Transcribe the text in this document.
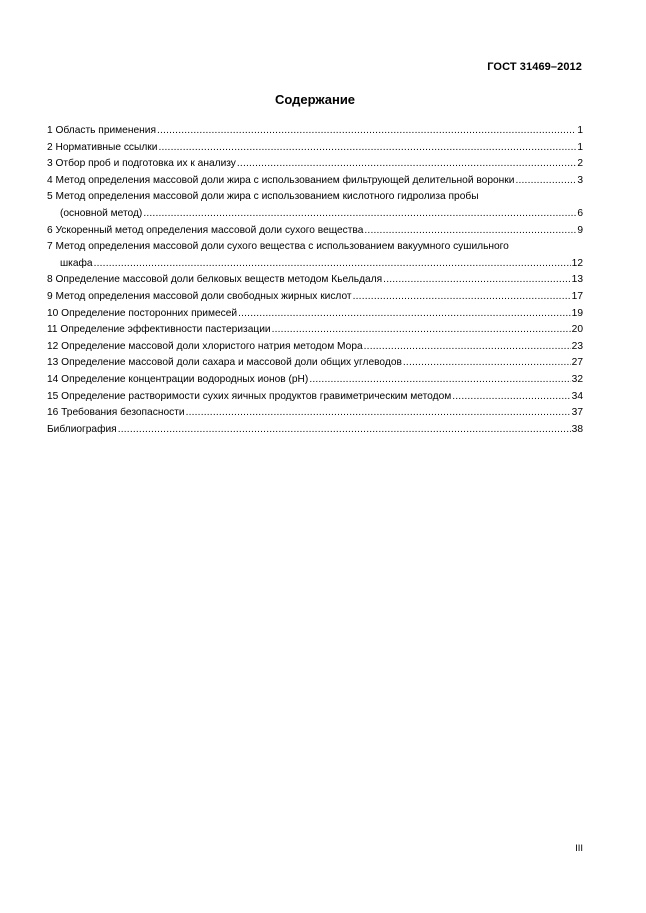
ГОСТ 31469–2012
Содержание
1 Область применения .....	1
2 Нормативные ссылки .....	1
3 Отбор проб и подготовка их к анализу .....	2
4 Метод определения массовой доли жира с использованием фильтрующей делительной воронки .....	3
5 Метод определения массовой доли жира с использованием кислотного гидролиза пробы
(основной метод) .....	6
6 Ускоренный метод определения массовой доли сухого вещества .....	9
7 Метод определения массовой доли сухого вещества с использованием вакуумного сушильного
шкафа .....	12
8 Определение массовой доли белковых веществ методом Кьельдаля .....	13
9 Метод определения массовой доли свободных жирных кислот .....	17
10 Определение посторонних примесей .....	19
11 Определение эффективности пастеризации .....	20
12 Определение массовой доли хлористого натрия методом Мора .....	23
13 Определение массовой доли сахара и массовой доли общих углеводов .....	27
14 Определение концентрации водородных ионов (pH) .....	32
15 Определение растворимости сухих яичных продуктов гравиметрическим методом .....	34
16 Требования безопасности .....	37
Библиография .....	38
III
